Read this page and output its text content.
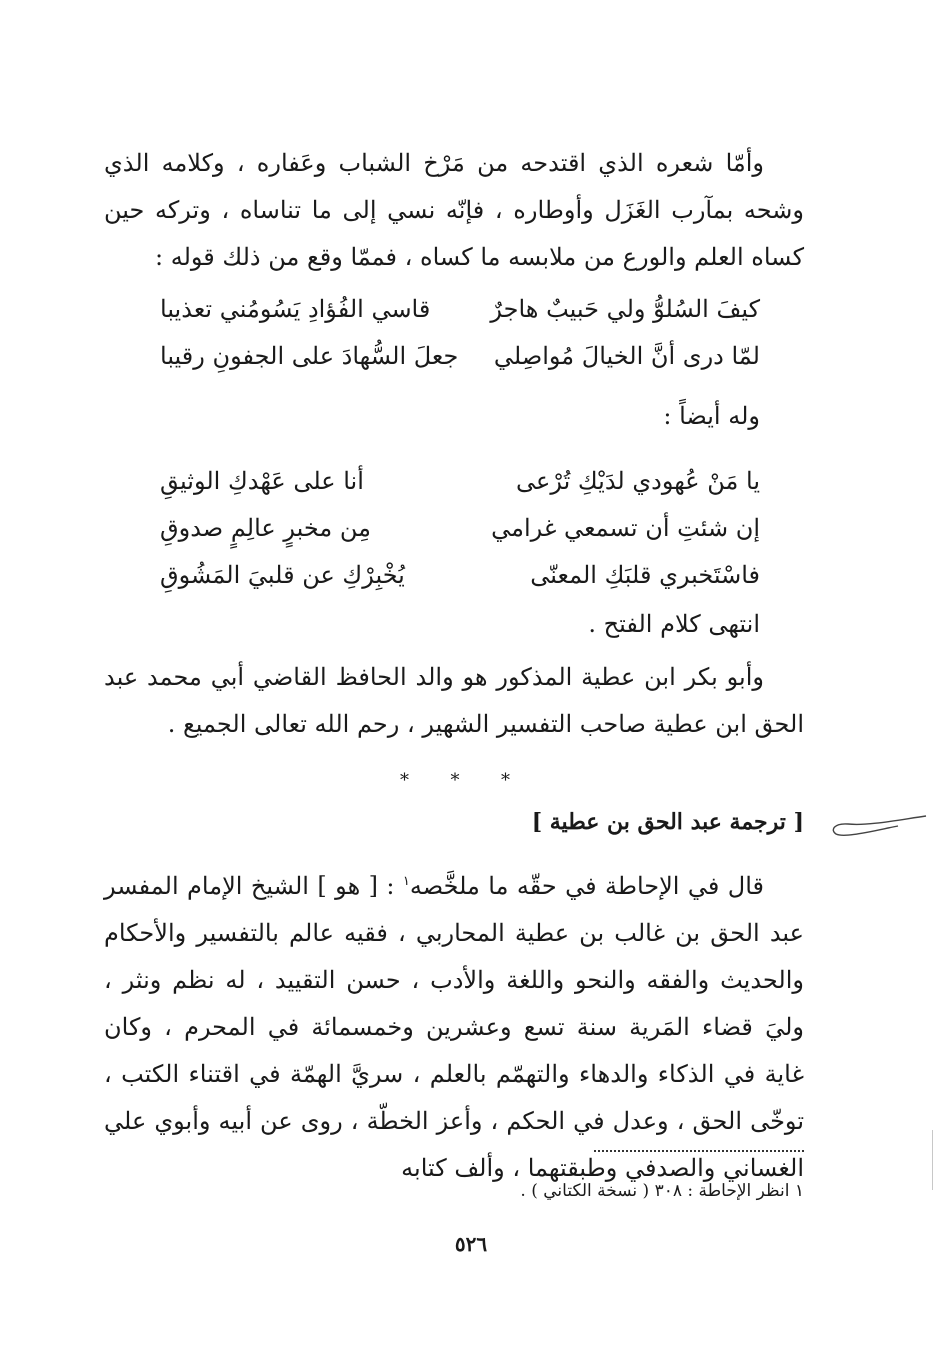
وأمّا شعره الذي اقتدحه من مَرْخ الشباب وعَفاره ، وكلامه الذي وشحه بمآرب الغَزَل وأوطاره ، فإنّه نسي إلى ما تناساه ، وتركه حين كساه العلم والورع من ملابسه ما كساه ، فممّا وقع من ذلك قوله :

كيفَ السُلوُّ ولي حَبيبٌ هاجرٌ
قاسي الفُؤادِ يَسُومُني تعذيبا
لمّا درى أنَّ الخيالَ مُواصِلي
جعلَ السُّهادَ على الجفونِ رقيبا
وله أيضاً :
يا مَنْ عُهودي لدَيْكِ تُرْعى
أنا على عَهْدكِ الوثيقِ
إن شئتِ أن تسمعي غرامي
مِن مخبرٍ عالِمٍ صدوقِ
فاسْتَخبري قلبَكِ المعنّى
يُخْبِرْكِ عن قلبيَ المَشُوقِ
انتهى كلام الفتح .

وأبو بكر ابن عطية المذكور هو والد الحافظ القاضي أبي محمد عبد الحق ابن عطية صاحب التفسير الشهير ، رحم الله تعالى الجميع .

*
*
*
[ ترجمة عبد الحق بن عطية ]

قال في الإحاطة في حقّه ما ملخَّصه$^١$ : [ هو ] الشيخ الإمام المفسر عبد الحق بن غالب بن عطية المحاربي ، فقيه عالم بالتفسير والأحكام والحديث والفقه والنحو واللغة والأدب ، حسن التقييد ، له نظم ونثر ، وليَ قضاء المَرية سنة تسع وعشرين وخمسمائة في المحرم ، وكان غاية في الذكاء والدهاء والتهمّم بالعلم ، سريَّ الهمّة في اقتناء الكتب ، توخّى الحق ، وعدل في الحكم ، وأعز الخطّة ، روى عن أبيه وأبوي علي الغساني والصدفي وطبقتهما ، وألف كتابه

١ انظر الإحاطة : ٣٠٨ ( نسخة الكتاني ) .
٥٢٦
